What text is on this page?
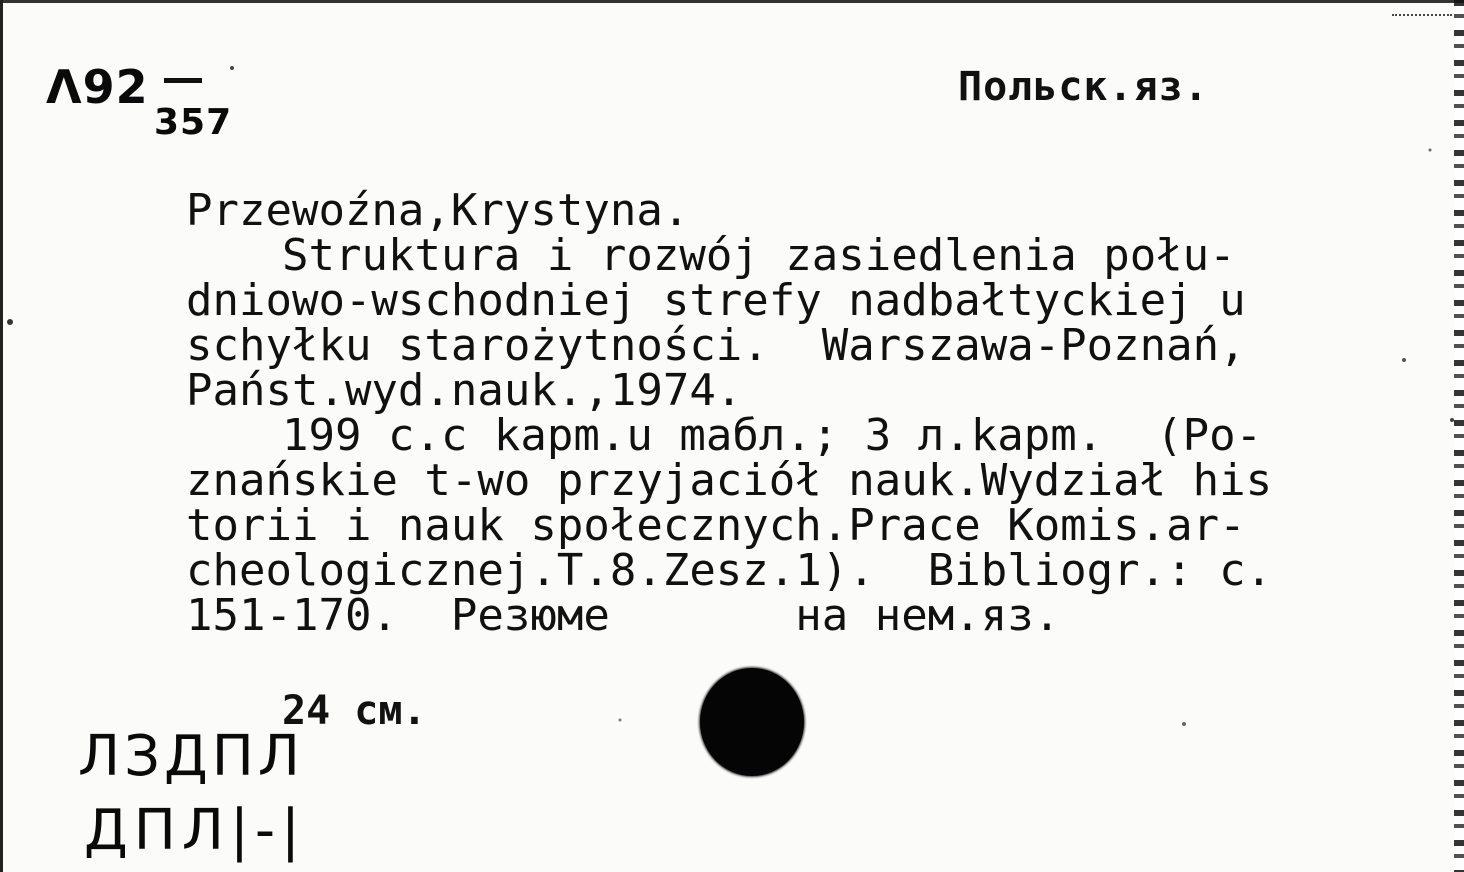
Λ92
357
Польск.яз.
Przewoźna,Krystyna.
Struktura i rozwój zasiedlenia połu-
dniowo-wschodniej strefy nadbałtyckiej u
schyłku starożytności.  Warszawa-Poznań,
Państ.wyd.nauk.,1974.
199 c.c kapm.u maбл.; 3 л.kapm.  (Po-
znańskie t-wo przyjaciół nauk.Wydział his
torii i nauk społecznych.Prace Komis.ar-
cheologicznej.T.8.Zesz.1).  Bibliogr.: c.
151-170.  Резюме       на нем.яз.
24 см.
ЛЗДПЛ
ДПЛ|-|
